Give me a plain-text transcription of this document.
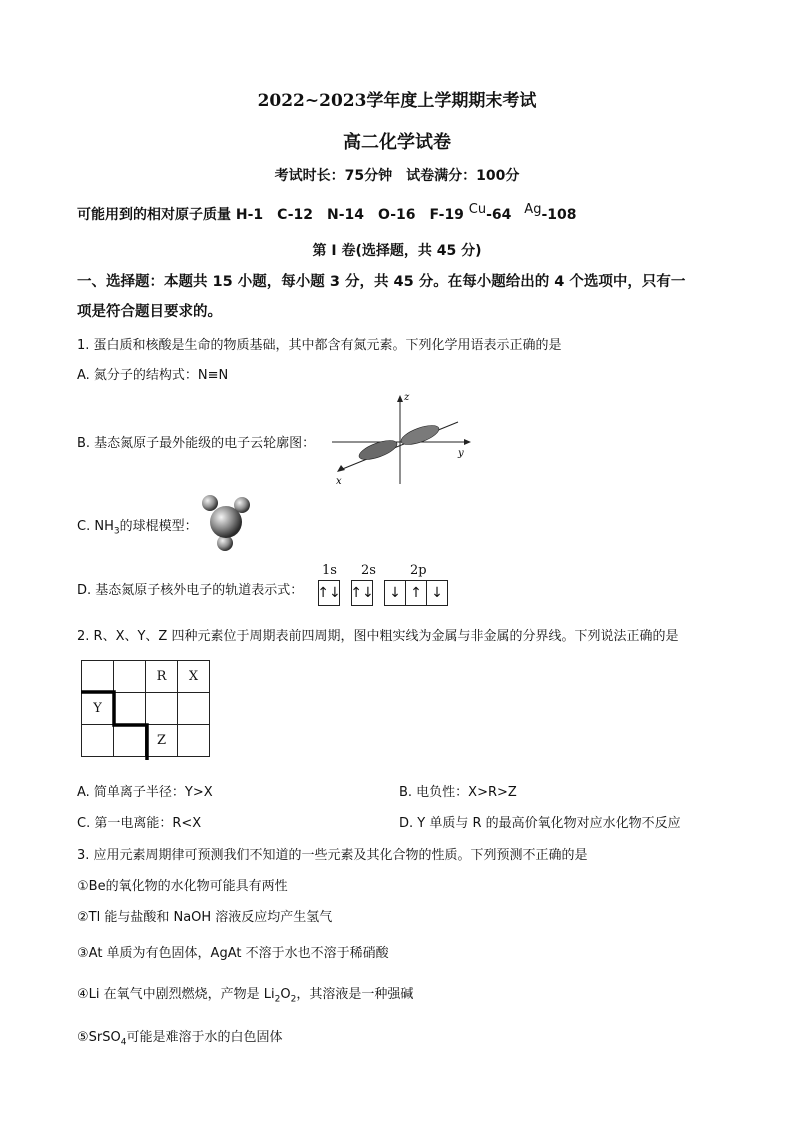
2022~2023学年度上学期期末考试
高二化学试卷
考试时长：75分钟　试卷满分：100分
可能用到的相对原子质量 H-1　C-12　N-14　O-16　F-19 Cu-64 Ag-108
第 I 卷(选择题，共 45 分)
一、选择题：本题共 15 小题，每小题 3 分，共 45 分。在每小题给出的 4 个选项中，只有一
项是符合题目要求的。
1. 蛋白质和核酸是生命的物质基础，其中都含有氮元素。下列化学用语表示正确的是
A. 氮分子的结构式：N≡N
B. 基态氮原子最外能级的电子云轮廓图：
z
y
x
C. $NH_3$的球棍模型：
D. 基态氮原子核外电子的轨道表示式：
1s 2s	2p
↑↓ ↑↓ ↓ ↑ ↓
2. R、X、Y、Z 四种元素位于周期表前四周期，图中粗实线为金属与非金属的分界线。下列说法正确的是
		R	X
Y			
		Z	
A. 简单离子半径：Y>X	B. 电负性：X>R>Z
C. 第一电离能：R<X	D. Y 单质与 R 的最高价氧化物对应水化物不反应
3. 应用元素周期律可预测我们不知道的一些元素及其化合物的性质。下列预测不正确的是
①Be的氧化物的水化物可能具有两性
②Tl 能与盐酸和 NaOH 溶液反应均产生氢气
③At 单质为有色固体，AgAt 不溶于水也不溶于稀硝酸
④Li 在氧气中剧烈燃烧，产物是 $Li_2O_2$，其溶液是一种强碱
⑤SrSO$_4$可能是难溶于水的白色固体
